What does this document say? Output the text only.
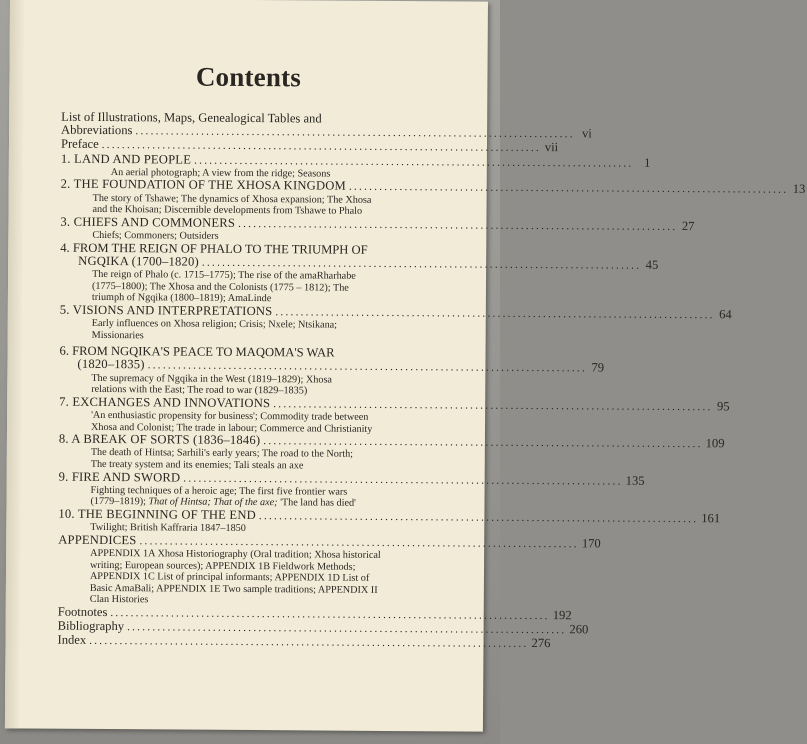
Contents
List of Illustrations, Maps, Genealogical Tables and
Abbreviations ....................................................................................... vi
Preface ....................................................................................... vii
1. LAND AND PEOPLE ....................................................................................... 1
An aerial photograph; A view from the ridge; Seasons
2. THE FOUNDATION OF THE XHOSA KINGDOM ....................................................................................... 13
The story of Tshawe; The dynamics of Xhosa expansion; The Xhosa
and the Khoisan; Discernible developments from Tshawe to Phalo
3. CHIEFS AND COMMONERS ....................................................................................... 27
Chiefs; Commoners; Outsiders
4. FROM THE REIGN OF PHALO TO THE TRIUMPH OF
NGQIKA (1700–1820) ....................................................................................... 45
The reign of Phalo (c. 1715–1775); The rise of the amaRharhabe
(1775–1800); The Xhosa and the Colonists (1775 – 1812); The
triumph of Ngqika (1800–1819); AmaLinde
5. VISIONS AND INTERPRETATIONS ....................................................................................... 64
Early influences on Xhosa religion; Crisis; Nxele; Ntsikana;
Missionaries
6. FROM NGQIKA'S PEACE TO MAQOMA'S WAR
(1820–1835) ....................................................................................... 79
The supremacy of Ngqika in the West (1819–1829); Xhosa
relations with the East; The road to war (1829–1835)
7. EXCHANGES AND INNOVATIONS ....................................................................................... 95
'An enthusiastic propensity for business'; Commodity trade between
Xhosa and Colonist; The trade in labour; Commerce and Christianity
8. A BREAK OF SORTS (1836–1846) ....................................................................................... 109
The death of Hintsa; Sarhili's early years; The road to the North;
The treaty system and its enemies; Tali steals an axe
9. FIRE AND SWORD ....................................................................................... 135
Fighting techniques of a heroic age; The first five frontier wars
(1779–1819); That of Hintsa; That of the axe; 'The land has died'
10. THE BEGINNING OF THE END ....................................................................................... 161
Twilight; British Kaffraria 1847–1850
APPENDICES ....................................................................................... 170
APPENDIX 1A Xhosa Historiography (Oral tradition; Xhosa historical
writing; European sources); APPENDIX 1B Fieldwork Methods;
APPENDIX 1C List of principal informants; APPENDIX 1D List of
Basic AmaBali; APPENDIX 1E Two sample traditions; APPENDIX II
Clan Histories
Footnotes ....................................................................................... 192
Bibliography ....................................................................................... 260
Index ....................................................................................... 276
